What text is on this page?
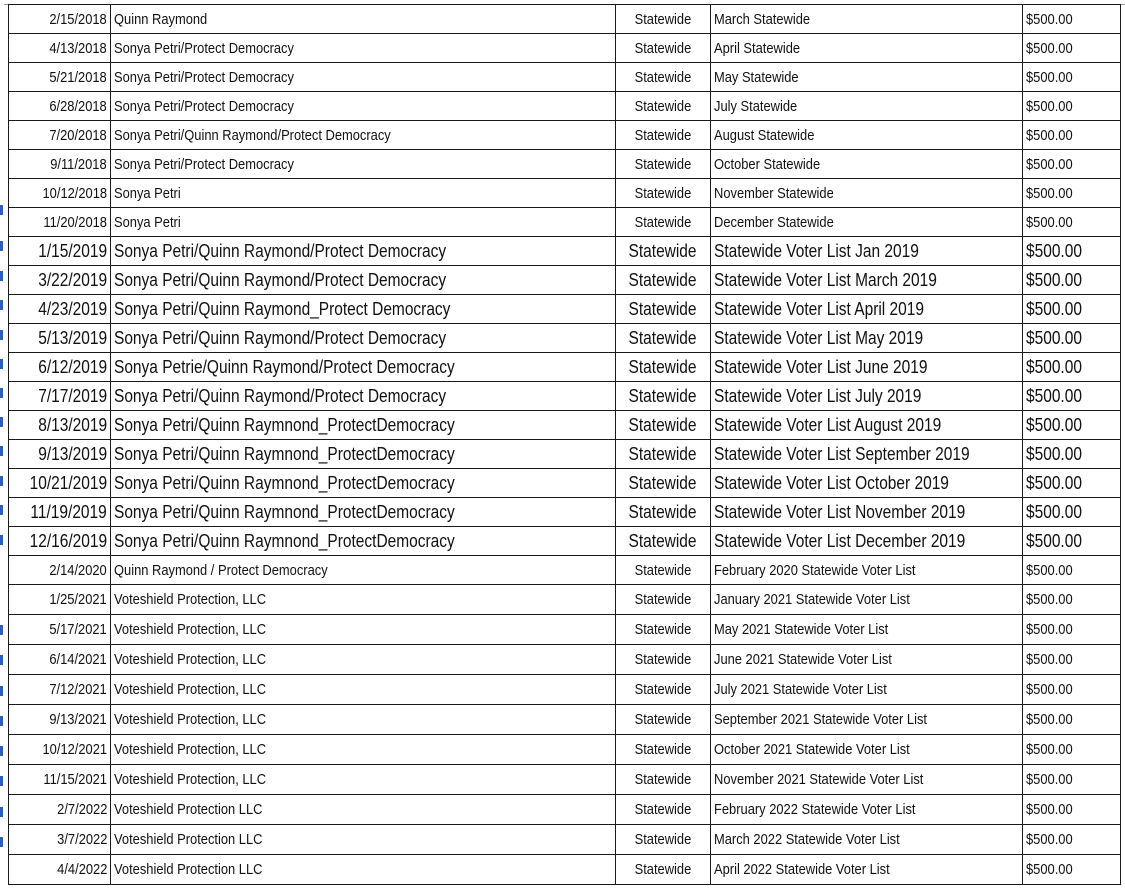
2/15/2018	Quinn Raymond	Statewide	March Statewide	$500.00
4/13/2018	Sonya Petri/Protect Democracy	Statewide	April Statewide	$500.00
5/21/2018	Sonya Petri/Protect Democracy	Statewide	May Statewide	$500.00
6/28/2018	Sonya Petri/Protect Democracy	Statewide	July Statewide	$500.00
7/20/2018	Sonya Petri/Quinn Raymond/Protect Democracy	Statewide	August Statewide	$500.00
9/11/2018	Sonya Petri/Protect Democracy	Statewide	October Statewide	$500.00
10/12/2018	Sonya Petri	Statewide	November Statewide	$500.00
11/20/2018	Sonya Petri	Statewide	December Statewide	$500.00
1/15/2019	Sonya Petri/Quinn Raymond/Protect Democracy	Statewide	Statewide Voter List Jan 2019	$500.00
3/22/2019	Sonya Petri/Quinn Raymond/Protect Democracy	Statewide	Statewide Voter List March 2019	$500.00
4/23/2019	Sonya Petri/Quinn Raymond_Protect Democracy	Statewide	Statewide Voter List April 2019	$500.00
5/13/2019	Sonya Petri/Quinn Raymond/Protect Democracy	Statewide	Statewide Voter List May 2019	$500.00
6/12/2019	Sonya Petrie/Quinn Raymond/Protect Democracy	Statewide	Statewide Voter List June 2019	$500.00
7/17/2019	Sonya Petri/Quinn Raymond/Protect Democracy	Statewide	Statewide Voter List July 2019	$500.00
8/13/2019	Sonya Petri/Quinn Raymnond_ProtectDemocracy	Statewide	Statewide Voter List August 2019	$500.00
9/13/2019	Sonya Petri/Quinn Raymnond_ProtectDemocracy	Statewide	Statewide Voter List September 2019	$500.00
10/21/2019	Sonya Petri/Quinn Raymnond_ProtectDemocracy	Statewide	Statewide Voter List October 2019	$500.00
11/19/2019	Sonya Petri/Quinn Raymnond_ProtectDemocracy	Statewide	Statewide Voter List November 2019	$500.00
12/16/2019	Sonya Petri/Quinn Raymnond_ProtectDemocracy	Statewide	Statewide Voter List December 2019	$500.00
2/14/2020	Quinn Raymond / Protect Democracy	Statewide	February 2020 Statewide Voter List	$500.00
1/25/2021	Voteshield Protection, LLC	Statewide	January 2021 Statewide Voter List	$500.00
5/17/2021	Voteshield Protection, LLC	Statewide	May 2021 Statewide Voter List	$500.00
6/14/2021	Voteshield Protection, LLC	Statewide	June 2021 Statewide Voter List	$500.00
7/12/2021	Voteshield Protection, LLC	Statewide	July 2021 Statewide Voter List	$500.00
9/13/2021	Voteshield Protection, LLC	Statewide	September 2021 Statewide Voter List	$500.00
10/12/2021	Voteshield Protection, LLC	Statewide	October 2021 Statewide Voter List	$500.00
11/15/2021	Voteshield Protection, LLC	Statewide	November 2021 Statewide Voter List	$500.00
2/7/2022	Voteshield Protection LLC	Statewide	February 2022 Statewide Voter List	$500.00
3/7/2022	Voteshield Protection LLC	Statewide	March 2022 Statewide Voter List	$500.00
4/4/2022	Voteshield Protection LLC	Statewide	April 2022 Statewide Voter List	$500.00
